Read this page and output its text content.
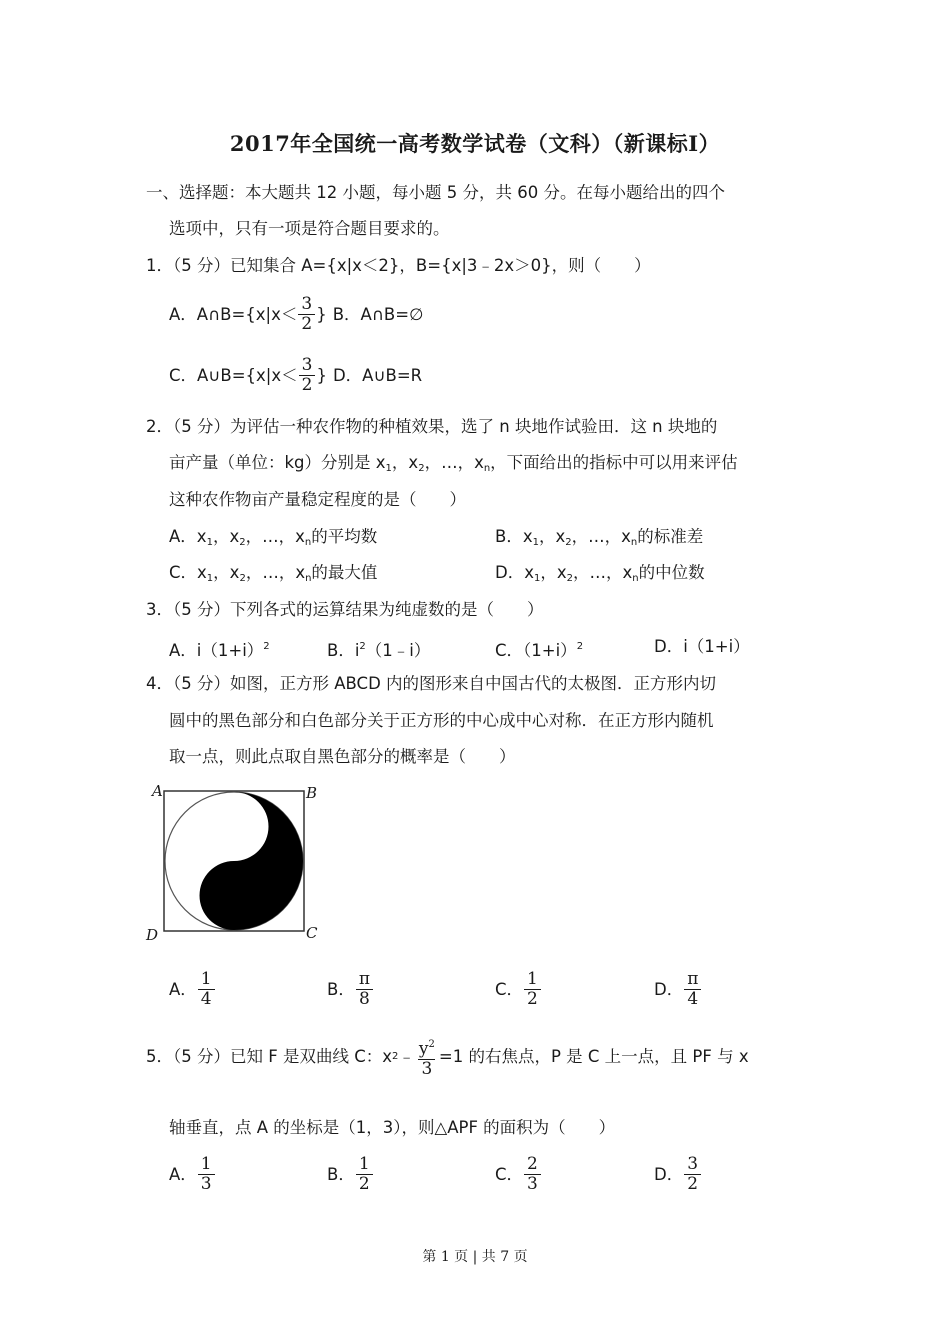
2017年全国统一高考数学试卷（文科）（新课标Ⅰ）
一、选择题：本大题共 12 小题，每小题 5 分，共 60 分。在每小题给出的四个
选项中，只有一项是符合题目要求的。
1．（5 分）已知集合 A={x|x＜2}，B={x|3﹣2x＞0}，则（　　）
A．A∩B={x|x＜ $\frac{3}{2}$ } B．A∩B=∅
C．A∪B={x|x＜ $\frac{3}{2}$ } D．A∪B=R
2．（5 分）为评估一种农作物的种植效果，选了 n 块地作试验田．这 n 块地的
亩产量（单位：kg）分别是 $x_1$，$x_2$，…，$x_n$，下面给出的指标中可以用来评估
这种农作物亩产量稳定程度的是（　　）
A．$x_1$，$x_2$，…，$x_n$的平均数	B．$x_1$，$x_2$，…，$x_n$的标准差
C．$x_1$，$x_2$，…，$x_n$的最大值	D．$x_1$，$x_2$，…，$x_n$的中位数
3．（5 分）下列各式的运算结果为纯虚数的是（　　）
A．$i(1+i)^2$	B．$i^2(1﹣i)$	C．$(1+i)^2$	D．i（1+i）
4．（5 分）如图，正方形 ABCD 内的图形来自中国古代的太极图．正方形内切
圆中的黑色部分和白色部分关于正方形的中心成中心对称．在正方形内随机
取一点，则此点取自黑色部分的概率是（　　）
A	B
C
D
A． $\frac{1}{4}$	B． $\frac{\pi}{8}$	C． $\frac{1}{2}$	D． $\frac{\pi}{4}$
5．（5 分）已知 F 是双曲线 C：x 2 ﹣ $\frac{y^2}{3} =1$ 的右焦点，P 是 C 上一点，且 PF 与 x
轴垂直，点 A 的坐标是（1，3），则△APF 的面积为（　　）
A． $\frac{1}{3}$	B． $\frac{1}{2}$	C． $\frac{2}{3}$	D． $\frac{3}{2}$
第 1 页 | 共 7 页
